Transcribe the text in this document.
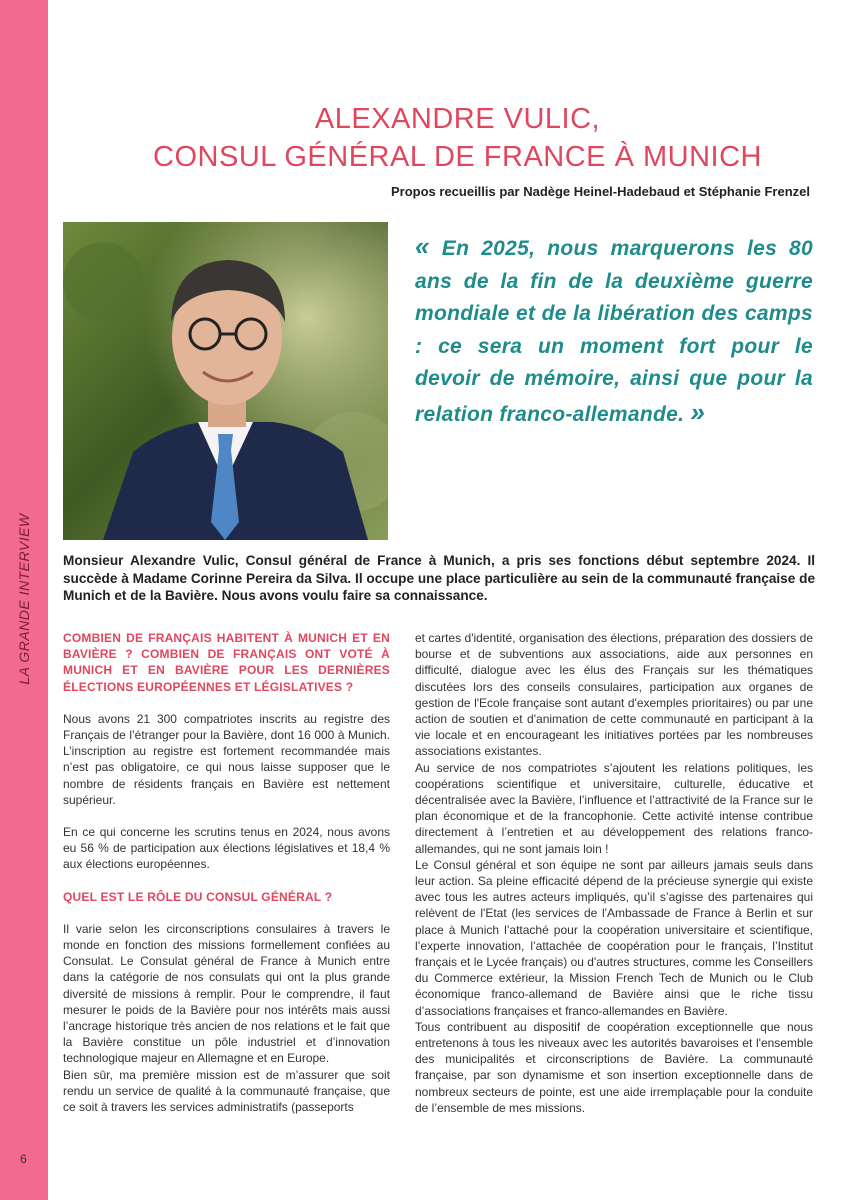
LA GRANDE INTERVIEW
6
ALEXANDRE VULIC,
CONSUL GÉNÉRAL DE FRANCE À MUNICH
Propos recueillis par Nadège Heinel-Hadebaud et Stéphanie Frenzel
« En 2025, nous marquerons les 80 ans de la fin de la deuxième guerre mondiale et de la libération des camps : ce sera un moment fort pour le devoir de mémoire, ainsi que pour la relation franco-allemande. »
Monsieur Alexandre Vulic, Consul général de France à Munich, a pris ses fonctions début septembre 2024. Il succède à Madame Corinne Pereira da Silva. Il occupe une place particulière au sein de la communauté française de Munich et de la Bavière. Nous avons voulu faire sa connaissance.
COMBIEN DE FRANÇAIS HABITENT À MUNICH ET EN BAVIÈRE ? COMBIEN DE FRANÇAIS ONT VOTÉ À MUNICH ET EN BAVIÈRE POUR LES DERNIÈRES ÉLECTIONS EUROPÉENNES ET LÉGISLATIVES ?

Nous avons 21 300 compatriotes inscrits au registre des Français de l’étranger pour la Bavière, dont 16 000 à Munich. L’inscription au registre est fortement recommandée mais n’est pas obligatoire, ce qui nous laisse supposer que le nombre de résidents français en Bavière est nettement supérieur.

En ce qui concerne les scrutins tenus en 2024, nous avons eu 56 % de participation aux élections législatives et 18,4 % aux élections européennes.

QUEL EST LE RÔLE DU CONSUL GÉNÉRAL ?

Il varie selon les circonscriptions consulaires à travers le monde en fonction des missions formellement confiées au Consulat. Le Consulat général de France à Munich entre dans la catégorie de nos consulats qui ont la plus grande diversité de missions à remplir. Pour le comprendre, il faut mesurer le poids de la Bavière pour nos intérêts mais aussi l’ancrage historique très ancien de nos relations et le fait que la Bavière constitue un pôle industriel et d’innovation technologique majeur en Allemagne et en Europe.

Bien sûr, ma première mission est de m’assurer que soit rendu un service de qualité à la communauté française, que ce soit à travers les services administratifs (passeports

et cartes d'identité, organisation des élections, préparation des dossiers de bourse et de subventions aux associations, aide aux personnes en difficulté, dialogue avec les élus des Français sur les thématiques discutées lors des conseils consulaires, participation aux organes de gestion de l'Ecole française sont autant d'exemples prioritaires) ou par une action de soutien et d'animation de cette communauté en participant à la vie locale et en encourageant les initiatives portées par les nombreuses associations existantes.

Au service de nos compatriotes s’ajoutent les relations politiques, les coopérations scientifique et universitaire, culturelle, éducative et décentralisée avec la Bavière, l’influence et l’attractivité de la France sur le plan économique et de la francophonie. Cette activité intense contribue directement à l’entretien et au développement des relations franco-allemandes, qui ne sont jamais loin !

Le Consul général et son équipe ne sont par ailleurs jamais seuls dans leur action. Sa pleine efficacité dépend de la précieuse synergie qui existe avec tous les autres acteurs impliqués, qu’il s’agisse des partenaires qui relèvent de l'Etat (les services de l'Ambassade de France à Berlin et sur place à Munich l’attaché pour la coopération universitaire et scientifique, l’experte innovation, l’attachée de coopération pour le français, l’Institut français et le Lycée français) ou d'autres structures, comme les Conseillers du Commerce extérieur, la Mission French Tech de Munich ou le Club économique franco-allemand de Bavière ainsi que le riche tissu d’associations françaises et franco-allemandes en Bavière.

Tous contribuent au dispositif de coopération exceptionnelle que nous entretenons à tous les niveaux avec les autorités bavaroises et l'ensemble des municipalités et circonscriptions de Bavière. La communauté française, par son dynamisme et son insertion exceptionnelle dans de nombreux secteurs de pointe, est une aide irremplaçable pour la conduite de l’ensemble de mes missions.
